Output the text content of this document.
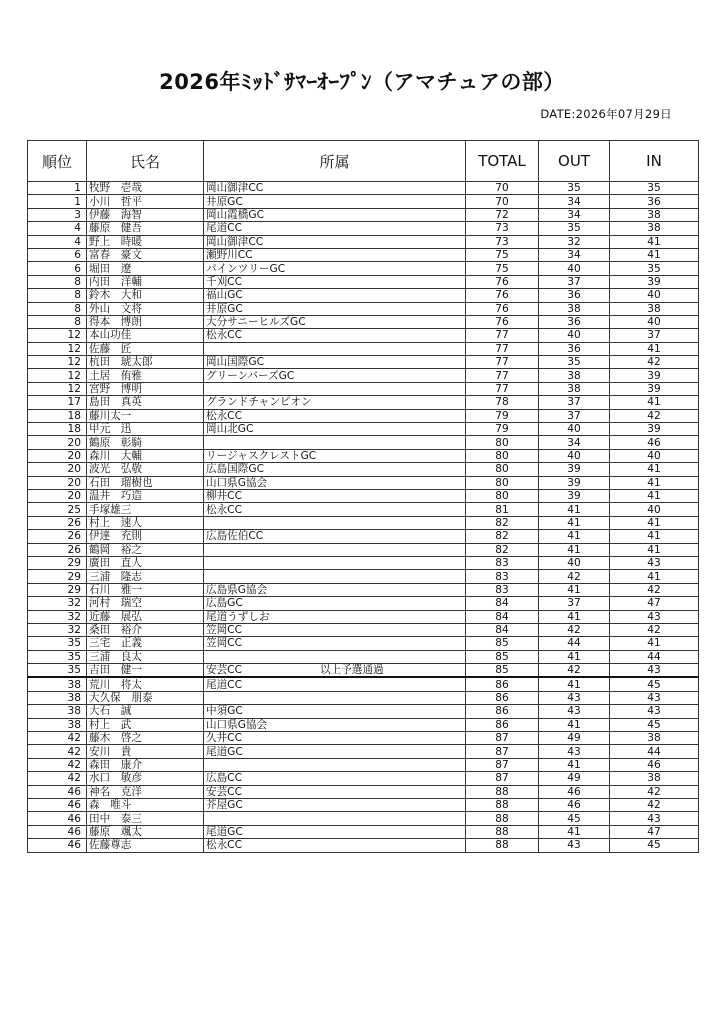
2026年ﾐｯﾄﾞｻﾏｰｵｰﾌﾟﾝ（アマチュアの部）
DATE:2026年07月29日
順位	氏名	所属	TOTAL	OUT	IN
1	牧野　壱哉	岡山御津CC	70	35	35
1	小川　哲平	井原GC	70	34	36
3	伊藤　海智	岡山霞橋GC	72	34	38
4	藤原　健吾	尾道CC	73	35	38
4	野上　時暖	岡山御津CC	73	32	41
6	富春　豪文	瀬野川CC	75	34	41
6	堀田　遼	パインツリーGC	75	40	35
8	内田　洋輔	千刈CC	76	37	39
8	鈴木　大和	福山GC	76	36	40
8	外山　文将	井原GC	76	38	38
8	得本　博朗	大分サニーヒルズGC	76	36	40
12	本山功佳	松永CC	77	40	37
12	佐藤　匠		77	36	41
12	杭田　琥太郎	岡山国際GC	77	35	42
12	土居　侑雅	グリーンバーズGC	77	38	39
12	宮野　博明		77	38	39
17	島田　真英	グランドチャンピオン	78	37	41
18	藤川太一	松永CC	79	37	42
18	甲元　迅	岡山北GC	79	40	39
20	鶴原　彰騎		80	34	46
20	森川　大輔	リージャスクレストGC	80	40	40
20	波光　弘敬	広島国際GC	80	39	41
20	石田　瑠樹也	山口県G協会	80	39	41
20	温井　巧造	柳井CC	80	39	41
25	手塚雄三	松永CC	81	41	40
26	村上　速人		82	41	41
26	伊達　充則	広島佐伯CC	82	41	41
26	鶴岡　裕之		82	41	41
29	廣田　直人		83	40	43
29	三浦　隆志		83	42	41
29	石川　雅一	広島県G協会	83	41	42
32	河村　瑞空	広島GC	84	37	47
32	近藤　展弘	尾道うずしお	84	41	43
32	桑田　裕介	笠岡CC	84	42	42
35	三宅　正義	笠岡CC	85	44	41
35	三浦　良太		85	41	44
35	吉田　健一	安芸CC 以上予選通過	85	42	43
38	荒川　将太	尾道CC	86	41	45
38	大久保　朋泰		86	43	43
38	大石　誠	中須GC	86	43	43
38	村上　武	山口県G協会	86	41	45
42	藤木　啓之	久井CC	87	49	38
42	安川　貴	尾道GC	87	43	44
42	森田　康介		87	41	46
42	水口　敏彦	広島CC	87	49	38
46	神名　克洋	安芸CC	88	46	42
46	森　唯斗	芥屋GC	88	46	42
46	田中　泰三		88	45	43
46	藤原　颯太	尾道GC	88	41	47
46	佐藤尊志	松永CC	88	43	45
